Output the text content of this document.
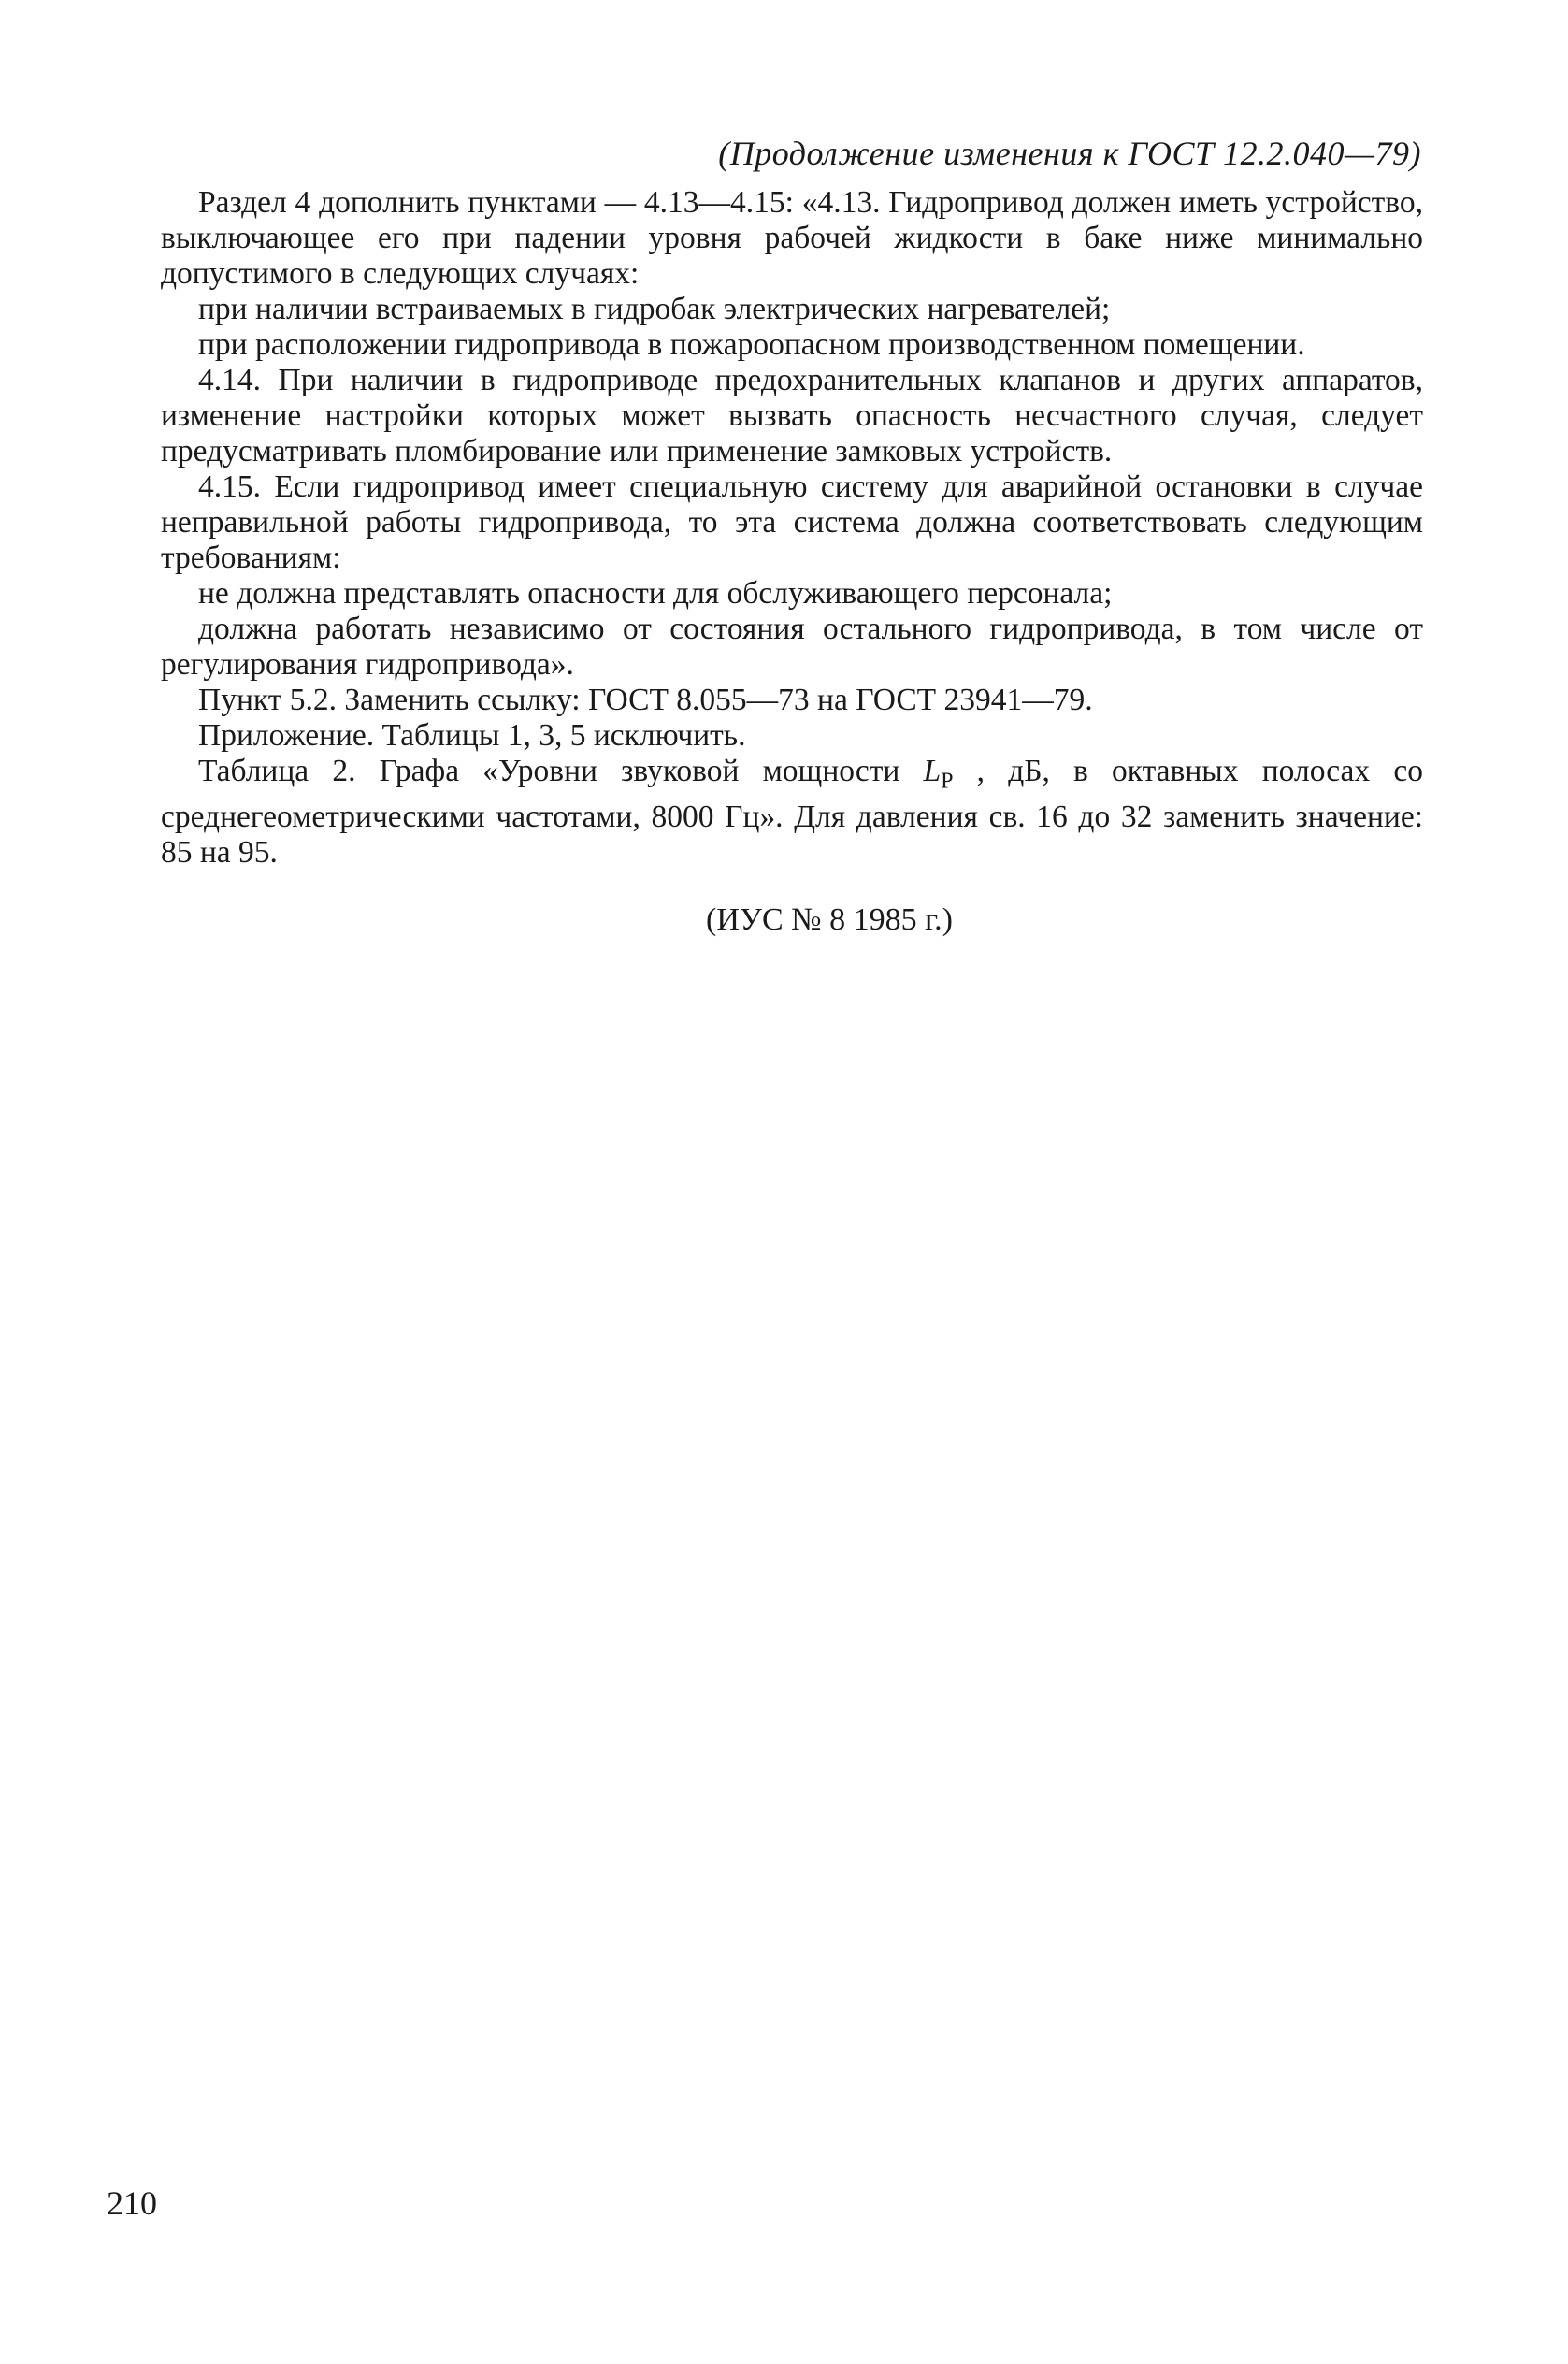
(Продолжение изменения к ГОСТ 12.2.040—79)

Раздел 4 дополнить пунктами — 4.13—4.15: «4.13. Гидропривод должен иметь устройство, выключающее его при падении уровня рабочей жидкости в баке ниже минимально допустимого в следующих случаях:

при наличии встраиваемых в гидробак электрических нагревателей;

при расположении гидропривода в пожароопасном производственном помещении.

4.14. При наличии в гидроприводе предохранительных клапанов и других аппаратов, изменение настройки которых может вызвать опасность несчастного случая, следует предусматривать пломбирование или применение замковых устройств.

4.15. Если гидропривод имеет специальную систему для аварийной остановки в случае неправильной работы гидропривода, то эта система должна соответствовать следующим требованиям:

не должна представлять опасности для обслуживающего персонала;

должна работать независимо от состояния остального гидропривода, в том числе от регулирования гидропривода».

Пункт 5.2. Заменить ссылку: ГОСТ 8.055—73 на ГОСТ 23941—79.

Приложение. Таблицы 1, 3, 5 исключить.

Таблица 2. Графа «Уровни звуковой мощности $L_Р$ , дБ, в октавных полосах со среднегеометрическими частотами, 8000 Гц». Для давления св. 16 до 32 заменить значение: 85 на 95.

(ИУС № 8 1985 г.)
210
